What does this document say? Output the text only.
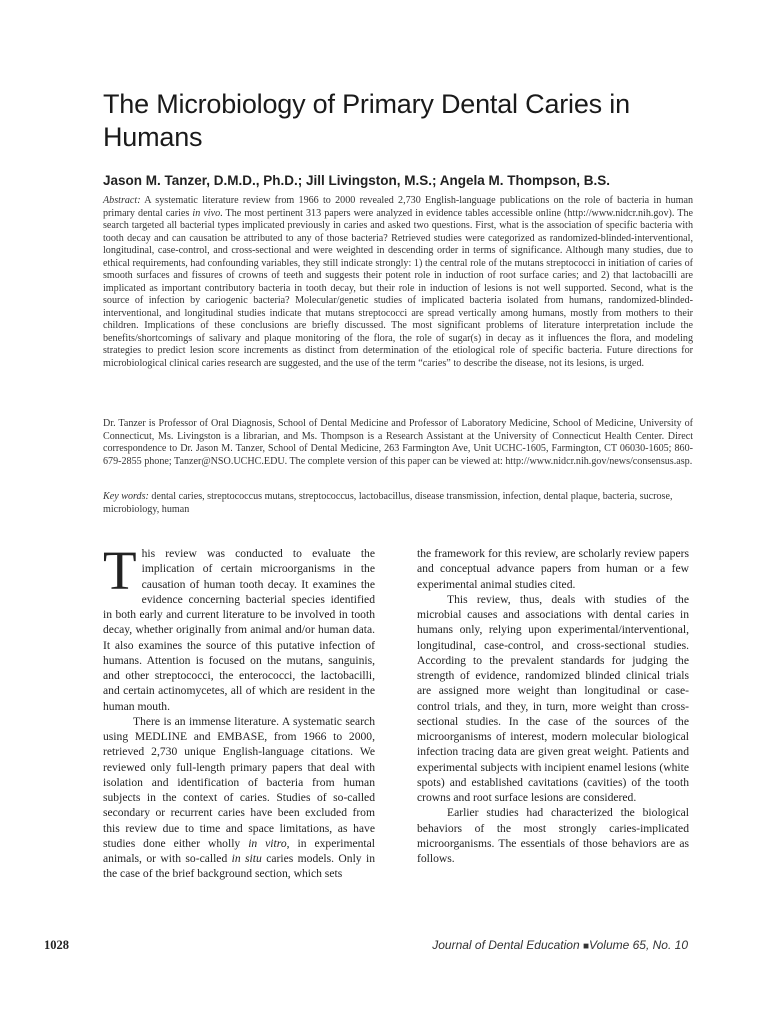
The Microbiology of Primary Dental Caries in Humans
Jason M. Tanzer, D.M.D., Ph.D.; Jill Livingston, M.S.; Angela M. Thompson, B.S.

Abstract: A systematic literature review from 1966 to 2000 revealed 2,730 English-language publications on the role of bacteria in human primary dental caries in vivo. The most pertinent 313 papers were analyzed in evidence tables accessible online (http://www.nidcr.nih.gov). The search targeted all bacterial types implicated previously in caries and asked two questions. First, what is the association of specific bacteria with tooth decay and can causation be attributed to any of those bacteria? Retrieved studies were categorized as randomized-blinded-interventional, longitudinal, case-control, and cross-sectional and were weighted in descending order in terms of significance. Although many studies, due to ethical requirements, had confounding variables, they still indicate strongly: 1) the central role of the mutans streptococci in initiation of caries of smooth surfaces and fissures of crowns of teeth and suggests their potent role in induction of root surface caries; and 2) that lactobacilli are implicated as important contributory bacteria in tooth decay, but their role in induction of lesions is not well supported. Second, what is the source of infection by cariogenic bacteria? Molecular/genetic studies of implicated bacteria isolated from humans, randomized-blinded-interventional, and longitudinal studies indicate that mutans streptococci are spread vertically among humans, mostly from mothers to their children. Implications of these conclusions are briefly discussed. The most significant problems of literature interpretation include the benefits/shortcomings of salivary and plaque monitoring of the flora, the role of sugar(s) in decay as it influences the flora, and modeling strategies to predict lesion score increments as distinct from determination of the etiological role of specific bacteria. Future directions for microbiological clinical caries research are suggested, and the use of the term “caries” to describe the disease, not its lesions, is urged.

Dr. Tanzer is Professor of Oral Diagnosis, School of Dental Medicine and Professor of Laboratory Medicine, School of Medicine, University of Connecticut, Ms. Livingston is a librarian, and Ms. Thompson is a Research Assistant at the University of Connecticut Health Center. Direct correspondence to Dr. Jason M. Tanzer, School of Dental Medicine, 263 Farmington Ave, Unit UCHC-1605, Farmington, CT 06030-1605; 860-679-2855 phone; Tanzer@NSO.UCHC.EDU. The complete version of this paper can be viewed at: http://www.nidcr.nih.gov/news/consensus.asp.

Key words: dental caries, streptococcus mutans, streptococcus, lactobacillus, disease transmission, infection, dental plaque, bacteria, sucrose, microbiology, human

This review was conducted to evaluate the implication of certain microorganisms in the causation of human tooth decay. It examines the evidence concerning bacterial species identified in both early and current literature to be involved in tooth decay, whether originally from animal and/or human data. It also examines the source of this putative infection of humans. Attention is focused on the mutans, sanguinis, and other streptococci, the enterococci, the lactobacilli, and certain actinomycetes, all of which are resident in the human mouth.

There is an immense literature. A systematic search using MEDLINE and EMBASE, from 1966 to 2000, retrieved 2,730 unique English-language citations. We reviewed only full-length primary papers that deal with isolation and identification of bacteria from human subjects in the context of caries. Studies of so-called secondary or recurrent caries have been excluded from this review due to time and space limitations, as have studies done either wholly in vitro, in experimental animals, or with so-called in situ caries models. Only in the case of the brief background section, which sets

the framework for this review, are scholarly review papers and conceptual advance papers from human or a few experimental animal studies cited.

This review, thus, deals with studies of the microbial causes and associations with dental caries in humans only, relying upon experimental/interventional, longitudinal, case-control, and cross-sectional studies. According to the prevalent standards for judging the strength of evidence, randomized blinded clinical trials are assigned more weight than longitudinal or case-control trials, and they, in turn, more weight than cross-sectional studies. In the case of the sources of the microorganisms of interest, modern molecular biological infection tracing data are given great weight. Patients and experimental subjects with incipient enamel lesions (white spots) and established cavitations (cavities) of the tooth crowns and root surface lesions are considered.

Earlier studies had characterized the biological behaviors of the most strongly caries-implicated microorganisms. The essentials of those behaviors are as follows.

1028	Journal of Dental Education ■Volume 65, No. 10
